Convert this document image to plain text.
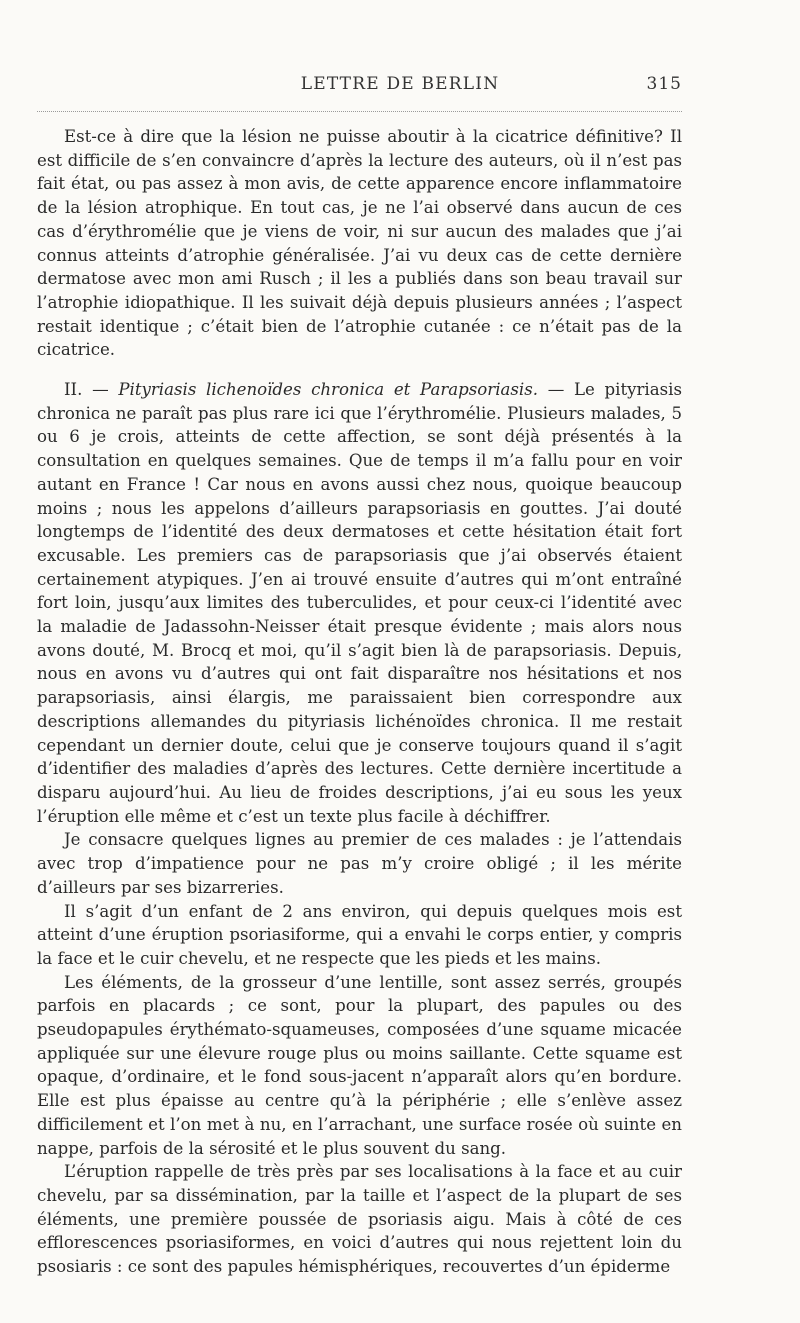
LETTRE DE BERLIN	315

Est-ce à dire que la lésion ne puisse aboutir à la cicatrice définitive? Il est difficile de s’en convaincre d’après la lecture des auteurs, où il n’est pas fait état, ou pas assez à mon avis, de cette apparence encore inflammatoire de la lésion atrophique. En tout cas, je ne l’ai observé dans aucun de ces cas d’érythromélie que je viens de voir, ni sur aucun des malades que j’ai connus atteints d’atrophie généralisée. J’ai vu deux cas de cette dernière dermatose avec mon ami Rusch ; il les a publiés dans son beau travail sur l’atrophie idiopathique. Il les suivait déjà depuis plusieurs années ; l’aspect restait identique ; c’était bien de l’atrophie cutanée : ce n’était pas de la cicatrice.

II. — Pityriasis lichenoïdes chronica et Parapsoriasis. — Le pityriasis chronica ne paraît pas plus rare ici que l’érythromélie. Plusieurs malades, 5 ou 6 je crois, atteints de cette affection, se sont déjà présentés à la consultation en quelques semaines. Que de temps il m’a fallu pour en voir autant en France ! Car nous en avons aussi chez nous, quoique beaucoup moins ; nous les appelons d’ailleurs parapsoriasis en gouttes. J’ai douté longtemps de l’identité des deux dermatoses et cette hésitation était fort excusable. Les premiers cas de parapsoriasis que j’ai observés étaient certainement atypiques. J’en ai trouvé ensuite d’autres qui m’ont entraîné fort loin, jusqu’aux limites des tuberculides, et pour ceux-ci l’identité avec la maladie de Jadassohn-Neisser était presque évidente ; mais alors nous avons douté, M. Brocq et moi, qu’il s’agit bien là de parapsoriasis. Depuis, nous en avons vu d’autres qui ont fait disparaître nos hésitations et nos parapsoriasis, ainsi élargis, me paraissaient bien correspondre aux descriptions allemandes du pityriasis lichénoïdes chronica. Il me restait cependant un dernier doute, celui que je conserve toujours quand il s’agit d’identifier des maladies d’après des lectures. Cette dernière incertitude a disparu aujourd’hui. Au lieu de froides descriptions, j’ai eu sous les yeux l’éruption elle même et c’est un texte plus facile à déchiffrer.

Je consacre quelques lignes au premier de ces malades : je l’attendais avec trop d’impatience pour ne pas m’y croire obligé ; il les mérite d’ailleurs par ses bizarreries.

Il s’agit d’un enfant de 2 ans environ, qui depuis quelques mois est atteint d’une éruption psoriasiforme, qui a envahi le corps entier, y compris la face et le cuir chevelu, et ne respecte que les pieds et les mains.

Les éléments, de la grosseur d’une lentille, sont assez serrés, groupés parfois en placards ; ce sont, pour la plupart, des papules ou des pseudopapules érythémato-squameuses, composées d’une squame micacée appliquée sur une élevure rouge plus ou moins saillante. Cette squame est opaque, d’ordinaire, et le fond sous-jacent n’apparaît alors qu’en bordure. Elle est plus épaisse au centre qu’à la périphérie ; elle s’enlève assez difficilement et l’on met à nu, en l’arrachant, une surface rosée où suinte en nappe, parfois de la sérosité et le plus souvent du sang.

L’éruption rappelle de très près par ses localisations à la face et au cuir chevelu, par sa dissémination, par la taille et l’aspect de la plupart de ses éléments, une première poussée de psoriasis aigu. Mais à côté de ces efflorescences psoriasiformes, en voici d’autres qui nous rejettent loin du psosiaris : ce sont des papules hémisphériques, recouvertes d’un épiderme
